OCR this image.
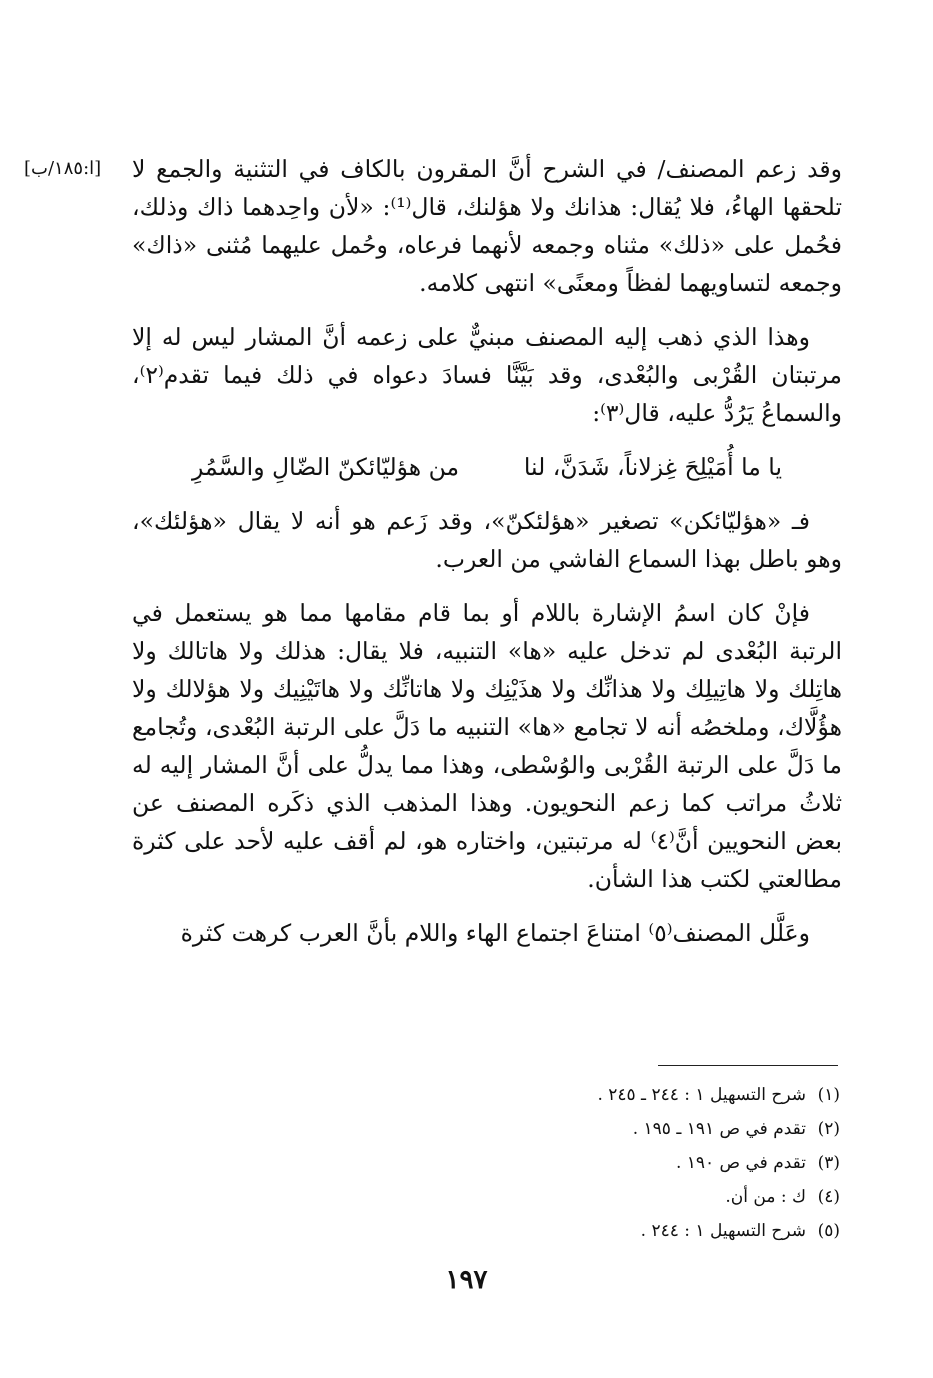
[ا:١٨٥/ب]	وقد زعم المصنف/ في الشرح أنَّ المقرون بالكاف في التثنية والجمع لا تلحقها الهاءُ، فلا يُقال: هذانك ولا هؤلنك، قال⁽¹⁾: «لأن واحِدهما ذاك وذلك، فحُمل على «ذلك» مثناه وجمعه لأنهما فرعاه، وحُمل عليهما مُثنى «ذاك» وجمعه لتساويهما لفظاً ومعنًى» انتهى كلامه.

وهذا الذي ذهب إليه المصنف مبنيٌّ على زعمه أنَّ المشار ليس له إلا مرتبتان القُرْبى والبُعْدى، وقد بَيَّنَّا فسادَ دعواه في ذلك فيما تقدم⁽٢⁾، والسماعُ يَرُدُّ عليه، قال⁽٣⁾:

يا ما أُمَيْلِحَ غِزلاناً، شَدَنَّ، لنا
من هؤليّائكنّ الضّالِ والسَّمُرِ

فـ «هؤليّائكن» تصغير «هؤلئكنّ»، وقد زَعم هو أنه لا يقال «هؤلئك»، وهو باطل بهذا السماع الفاشي من العرب.

فإنْ كان اسمُ الإشارة باللام أو بما قام مقامها مما هو يستعمل في الرتبة البُعْدى لم تدخل عليه «ها» التنبيه، فلا يقال: هذلك ولا هاتالك ولا هاتِلك ولا هاتِيلِك ولا هذانِّك ولا هذَيْنِك ولا هاتانِّك ولا هاتَيْنِيك ولا هؤلالك ولا هؤُلَّاك، وملخصُه أنه لا تجامع «ها» التنبيه ما دَلَّ على الرتبة البُعْدى، وتُجامع ما دَلَّ على الرتبة القُرْبى والوُسْطى، وهذا مما يدلُّ على أنَّ المشار إليه له ثلاثُ مراتب كما زعم النحويون. وهذا المذهب الذي ذكَره المصنف عن بعض النحويين أنَّ⁽٤⁾ له مرتبتين، واختاره هو، لم أقف عليه لأحد على كثرة مطالعتي لكتب هذا الشأن.

وعَلَّل المصنف⁽٥⁾ امتناعَ اجتماع الهاء واللام بأنَّ العرب كرهت كثرة

(١)
شرح التسهيل ١ : ٢٤٤ ـ ٢٤٥ .
(٢)
تقدم في ص ١٩١ ـ ١٩٥ .
(٣)
تقدم في ص ١٩٠ .
(٤)
ك : من أن.
(٥)
شرح التسهيل ١ : ٢٤٤ .
١٩٧
